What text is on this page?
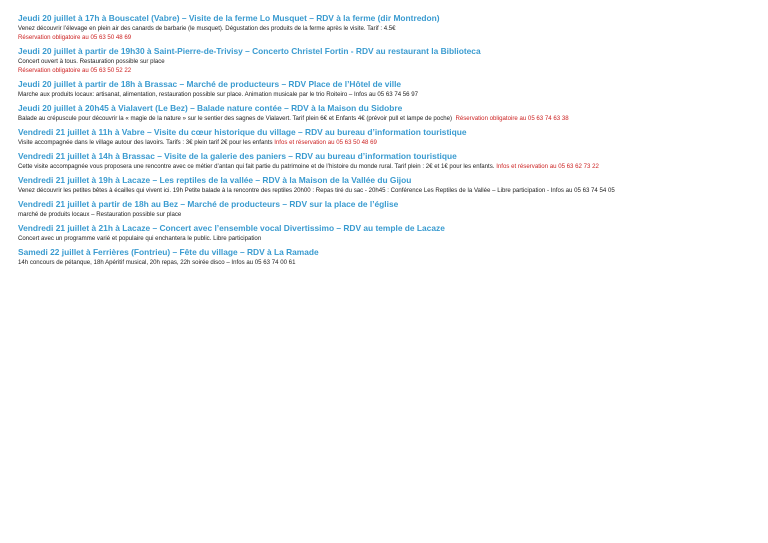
Jeudi 20 juillet à 17h à Bouscatel (Vabre) – Visite de la ferme Lo Musquet – RDV à la ferme (dir Montredon)
Venez découvrir l’élevage en plein air des canards de barbarie (le musquet). Dégustation des produits de la ferme après le visite. Tarif : 4.5€
Réservation obligatoire au 05 63 50 48 69
Jeudi 20 juillet à partir de 19h30 à Saint-Pierre-de-Trivisy – Concerto Christel Fortin - RDV au restaurant la Biblioteca
Concert ouvert à tous. Restauration possible sur place
Réservation obligatoire au 05 63 50 52 22
Jeudi 20 juillet à partir de 18h à Brassac – Marché de producteurs – RDV Place de l’Hôtel de ville
Marche aux produits locaux: artisanat, alimentation, restauration possible sur place. Animation musicale par le trio Roiteiro – Infos au 05 63 74 56 97
Jeudi 20 juillet à 20h45 à Vialavert (Le Bez) – Balade nature contée – RDV à la Maison du Sidobre
Balade au crépuscule pour découvrir la « magie de la nature » sur le sentier des sagnes de Vialavert. Tarif plein 6€ et Enfants 4€ (prévoir pull et lampe de poche) Réservation obligatoire au 05 63 74 63 38
Vendredi 21 juillet à 11h à Vabre – Visite du cœur historique du village – RDV au bureau d’information touristique
Visite accompagnée dans le village autour des lavoirs. Tarifs : 3€ plein tarif 2€ pour les enfants Infos et réservation au 05 63 50 48 69
Vendredi 21 juillet à 14h à Brassac – Visite de la galerie des paniers – RDV au bureau d’information touristique
Cette visite accompagnée vous proposera une rencontre avec ce métier d’antan qui fait partie du patrimoine et de l’histoire du monde rural. Tarif plein : 2€ et 1€ pour les enfants. Infos et réservation au 05 63 62 73 22
Vendredi 21 juillet à 19h à Lacaze – Les reptiles de la vallée – RDV à la Maison de la Vallée du Gijou
Venez découvrir les petites bêtes à écailles qui vivent ici. 19h Petite balade à la rencontre des reptiles 20h00 : Repas tiré du sac - 20h45 : Conférence Les Reptiles de la Vallée – Libre participation - Infos au 05 63 74 54 05
Vendredi 21 juillet à partir de 18h au Bez – Marché de producteurs – RDV sur la place de l’église
marché de produits locaux – Restauration possible sur place
Vendredi 21 juillet à 21h à Lacaze – Concert avec l’ensemble vocal Divertissimo – RDV au temple de Lacaze
Concert avec un programme varié et populaire qui enchantera le public. Libre participation
Samedi 22 juillet à Ferrières (Fontrieu) – Fête du village – RDV à La Ramade
14h concours de pétanque, 18h Apéritif musical, 20h repas, 22h soirée disco – Infos au 05 63 74 00 61
